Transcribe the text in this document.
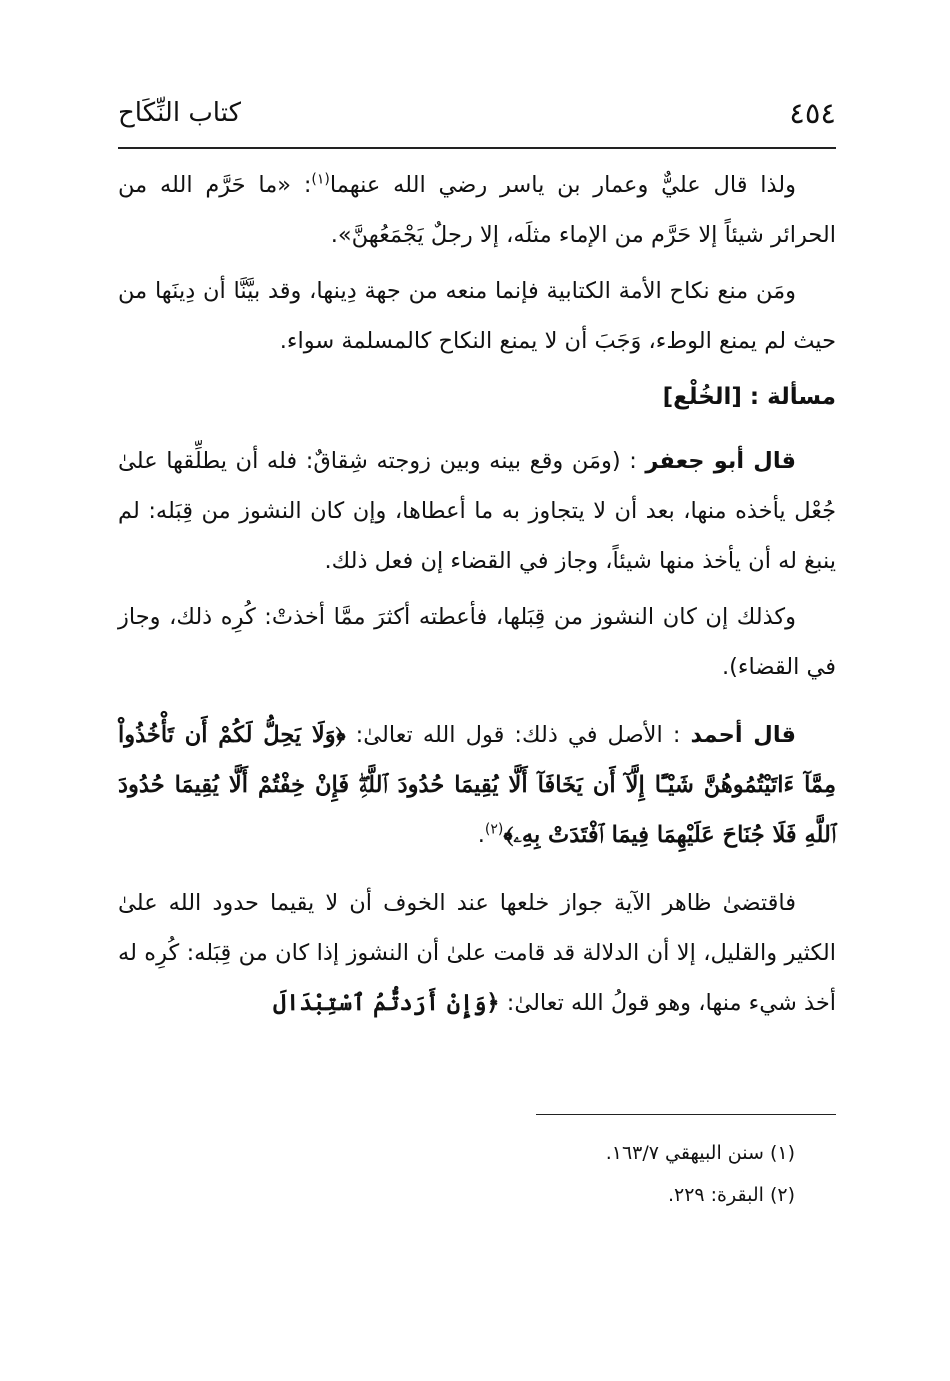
٤٥٤
كتاب النِّكَاح

ولذا قال عليٌّ وعمار بن ياسر رضي الله عنهما$^{(١)}$: «ما حَرَّم الله من الحرائر شيئاً إلا حَرَّم من الإماء مثلَه، إلا رجلٌ يَجْمَعُهنَّ».

ومَن منع نكاح الأمة الكتابية فإنما منعه من جهة دِينها، وقد بيَّنَّا أن دِينَها من حيث لم يمنع الوطء، وَجَبَ أن لا يمنع النكاح كالمسلمة سواء.

مسألة : [الخُلْع]

قال أبو جعفر : (ومَن وقع بينه وبين زوجته شِقاقٌ: فله أن يطلِّقها علىٰ جُعْل يأخذه منها، بعد أن لا يتجاوز به ما أعطاها، وإن كان النشوز من قِبَله: لم ينبغ له أن يأخذ منها شيئاً، وجاز في القضاء إن فعل ذلك.

وكذلك إن كان النشوز من قِبَلها، فأعطته أكثرَ ممَّا أخذتْ: كُرِه ذلك، وجاز في القضاء).

قال أحمد : الأصل في ذلك: قول الله تعالىٰ: ﴿وَلَا يَحِلُّ لَكُمْ أَن تَأْخُذُواْ مِمَّآ ءَاتَيْتُمُوهُنَّ شَيْـًٔا إِلَّآ أَن يَخَافَآ أَلَّا يُقِيمَا حُدُودَ ٱللَّهِۖ فَإِنْ خِفْتُمْ أَلَّا يُقِيمَا حُدُودَ ٱللَّهِ فَلَا جُنَاحَ عَلَيْهِمَا فِيمَا ٱفْتَدَتْ بِهِۦ﴾$^{(٢)}$.

فاقتضىٰ ظاهر الآية جواز خلعها عند الخوف أن لا يقيما حدود الله علىٰ الكثير والقليل، إلا أن الدلالة قد قامت علىٰ أن النشوز إذا كان من قِبَله: كُرِه له أخذ شيء منها، وهو قولُ الله تعالىٰ: ﴿وَإِنْ أَرَدتُّمُ ٱسْتِبْدَالَ

(١) سنن البيهقي ١٦٣/٧.

(٢) البقرة: ٢٢٩.
